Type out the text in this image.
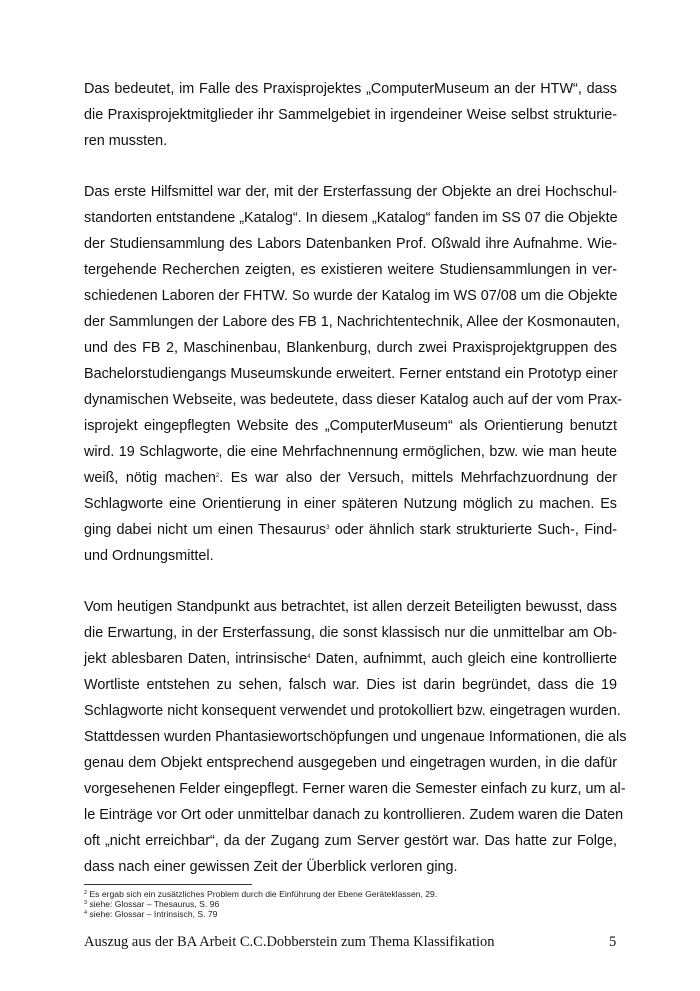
Das bedeutet, im Falle des Praxisprojektes „ComputerMuseum an der HTW“, dass
die Praxisprojektmitglieder ihr Sammelgebiet in irgendeiner Weise selbst strukturie-
ren mussten.
Das erste Hilfsmittel war der, mit der Ersterfassung der Objekte an drei Hochschul-
standorten entstandene „Katalog“. In diesem „Katalog“ fanden im SS 07 die Objekte
der Studiensammlung des Labors Datenbanken Prof. Oßwald ihre Aufnahme. Wie-
tergehende Recherchen zeigten, es existieren weitere Studiensammlungen in ver-
schiedenen Laboren der FHTW. So wurde der Katalog im WS 07/08 um die Objekte
der Sammlungen der Labore des FB 1, Nachrichtentechnik, Allee der Kosmonauten,
und des FB 2, Maschinenbau, Blankenburg, durch zwei Praxisprojektgruppen des
Bachelorstudiengangs Museumskunde erweitert. Ferner entstand ein Prototyp einer
dynamischen Webseite, was bedeutete, dass dieser Katalog auch auf der vom Prax-
isprojekt eingepflegten Website des „ComputerMuseum“ als Orientierung benutzt
wird. 19 Schlagworte, die eine Mehrfachnennung ermöglichen, bzw. wie man heute
weiß, nötig machen$^2$. Es war also der Versuch, mittels Mehrfachzuordnung der
Schlagworte eine Orientierung in einer späteren Nutzung möglich zu machen. Es
ging dabei nicht um einen Thesaurus$^3$ oder ähnlich stark strukturierte Such-, Find-
und Ordnungsmittel.
Vom heutigen Standpunkt aus betrachtet, ist allen derzeit Beteiligten bewusst, dass
die Erwartung, in der Ersterfassung, die sonst klassisch nur die unmittelbar am Ob-
jekt ablesbaren Daten, intrinsische$^4$ Daten, aufnimmt, auch gleich eine kontrollierte
Wortliste entstehen zu sehen, falsch war. Dies ist darin begründet, dass die 19
Schlagworte nicht konsequent verwendet und protokolliert bzw. eingetragen wurden.
Stattdessen wurden Phantasiewortschöpfungen und ungenaue Informationen, die als
genau dem Objekt entsprechend ausgegeben und eingetragen wurden, in die dafür
vorgesehenen Felder eingepflegt. Ferner waren die Semester einfach zu kurz, um al-
le Einträge vor Ort oder unmittelbar danach zu kontrollieren. Zudem waren die Daten
oft „nicht erreichbar“, da der Zugang zum Server gestört war. Das hatte zur Folge,
dass nach einer gewissen Zeit der Überblick verloren ging.
$^2$ Es ergab sich ein zusätzliches Problem durch die Einführung der Ebene Geräteklassen, 29.
$^3$ siehe: Glossar – Thesaurus, S. 96
$^4$ siehe: Glossar – Intrinsisch, S. 79
Auszug aus der BA Arbeit C.C.Dobberstein zum Thema Klassifikation	5
